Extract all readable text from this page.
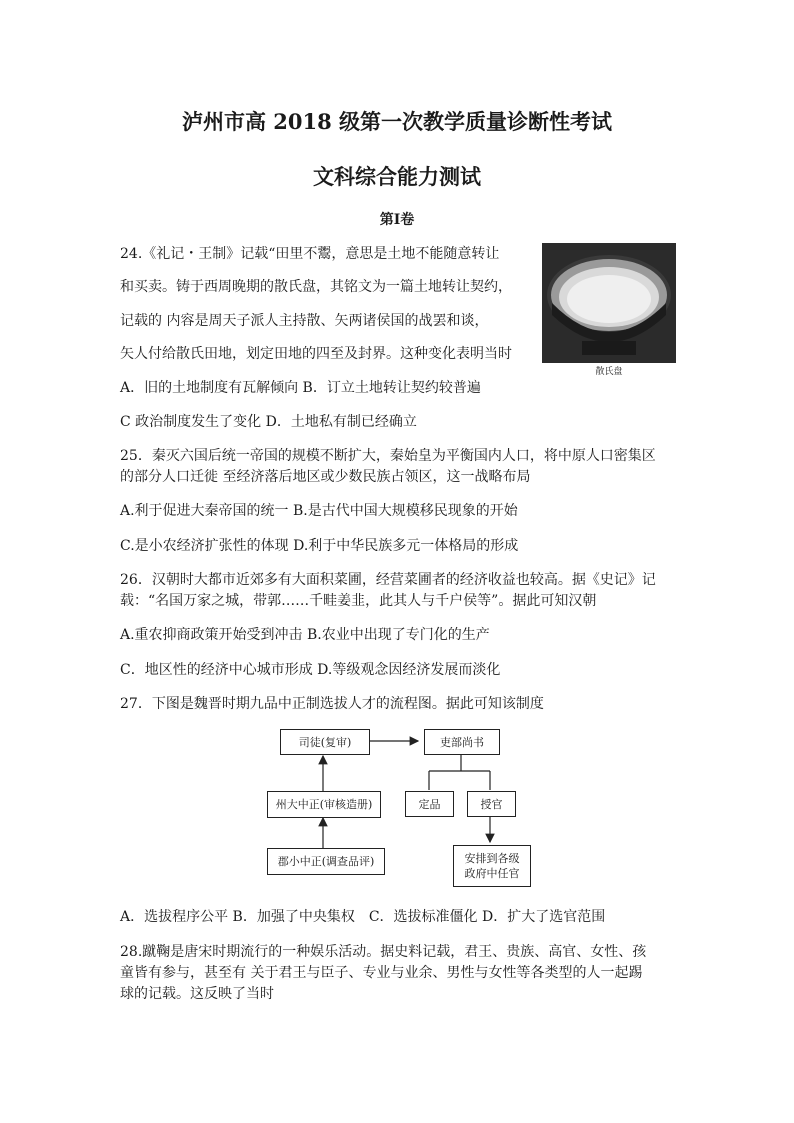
泸州市高 2018 级第一次教学质量诊断性考试
文科综合能力测试
第Ⅰ卷
24.《礼记・王制》记载“田里不鬻，意思是土地不能随意转让
和买卖。铸于西周晚期的散氏盘，其铭文为一篇土地转让契约，
记载的 内容是周天子派人主持散、矢两诸侯国的战罢和谈，
矢人付给散氏田地，划定田地的四至及封界。这种变化表明当时
散氏盘
A．旧的土地制度有瓦解倾向 B．订立土地转让契约较普遍
C 政治制度发生了变化 D．土地私有制已经确立
25．秦灭六国后统一帝国的规模不断扩大，秦始皇为平衡国内人口，将中原人口密集区
的部分人口迁徙 至经济落后地区或少数民族占领区，这一战略布局
A.利于促进大秦帝国的统一 B.是古代中国大规模移民现象的开始
C.是小农经济扩张性的体现 D.利于中华民族多元一体格局的形成
26．汉朝时大都市近郊多有大面积菜圃，经营菜圃者的经济收益也较高。据《史记》记
载：“名国万家之城，带郭……千畦姜韭，此其人与千户侯等”。据此可知汉朝
A.重农抑商政策开始受到冲击 B.农业中出现了专门化的生产
C．地区性的经济中心城市形成 D.等级观念因经济发展而淡化
27．下图是魏晋时期九品中正制选拔人才的流程图。据此可知该制度
司徒(复审)	吏部尚书
州大中正(审核造册)	定品	授官
郡小中正(调查品评)	安排到各级
政府中任官
A．选拔程序公平 B．加强了中央集权　C．选拔标准僵化 D．扩大了选官范围
28.蹴鞠是唐宋时期流行的一种娱乐活动。据史料记载，君王、贵族、高官、女性、孩
童皆有参与，甚至有 关于君王与臣子、专业与业余、男性与女性等各类型的人一起踢
球的记载。这反映了当时
